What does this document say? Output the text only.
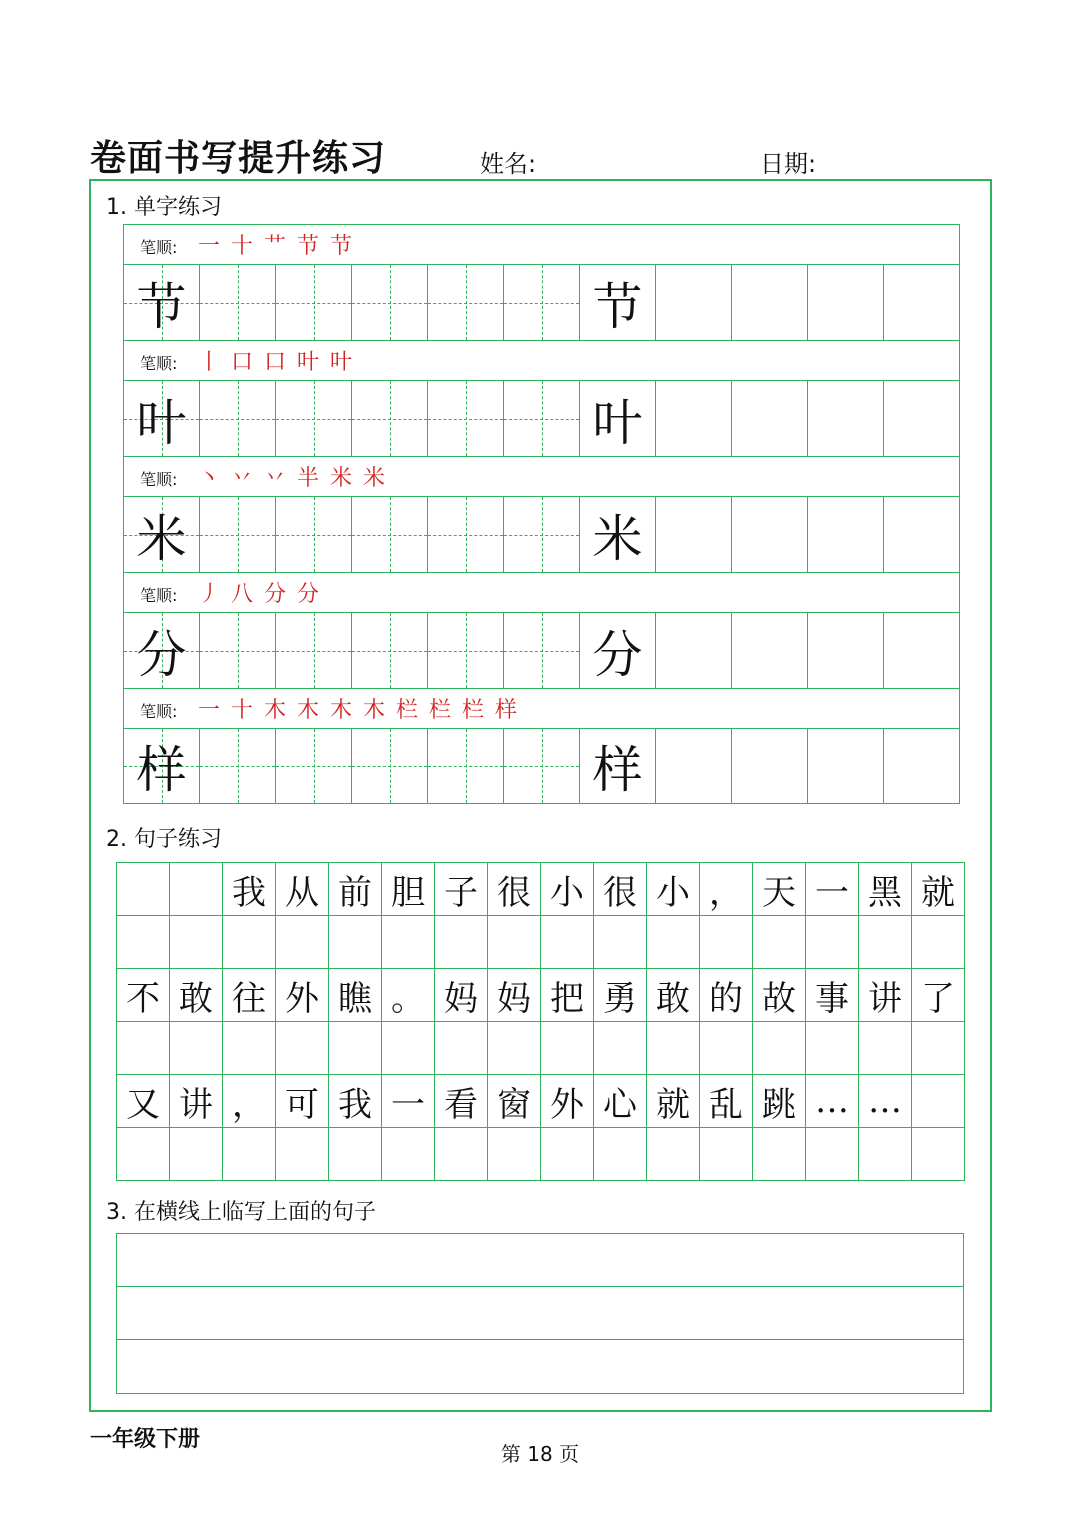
卷面书写提升练习	姓名:	日期:
1. 单字练习
笔顺: 一 十 艹 节 节
节	节
笔顺: 丨 口 口 叶 叶
叶	叶
笔顺: 丶 丷 丷 半 米 米
米	米
笔顺: 丿 八 分 分
分	分
笔顺: 一 十 木 木 木 木 栏 栏 栏 样
样	样
2. 句子练习
我 从 前 胆 子 很 小 很 小 ， 天 一 黑 就
不 敢 往 外 瞧 。 妈 妈 把 勇 敢 的 故 事 讲 了
又 讲 ， 可 我 一 看 窗 外 心 就 乱 跳 … …
3. 在横线上临写上面的句子
一年级下册
第 18 页
